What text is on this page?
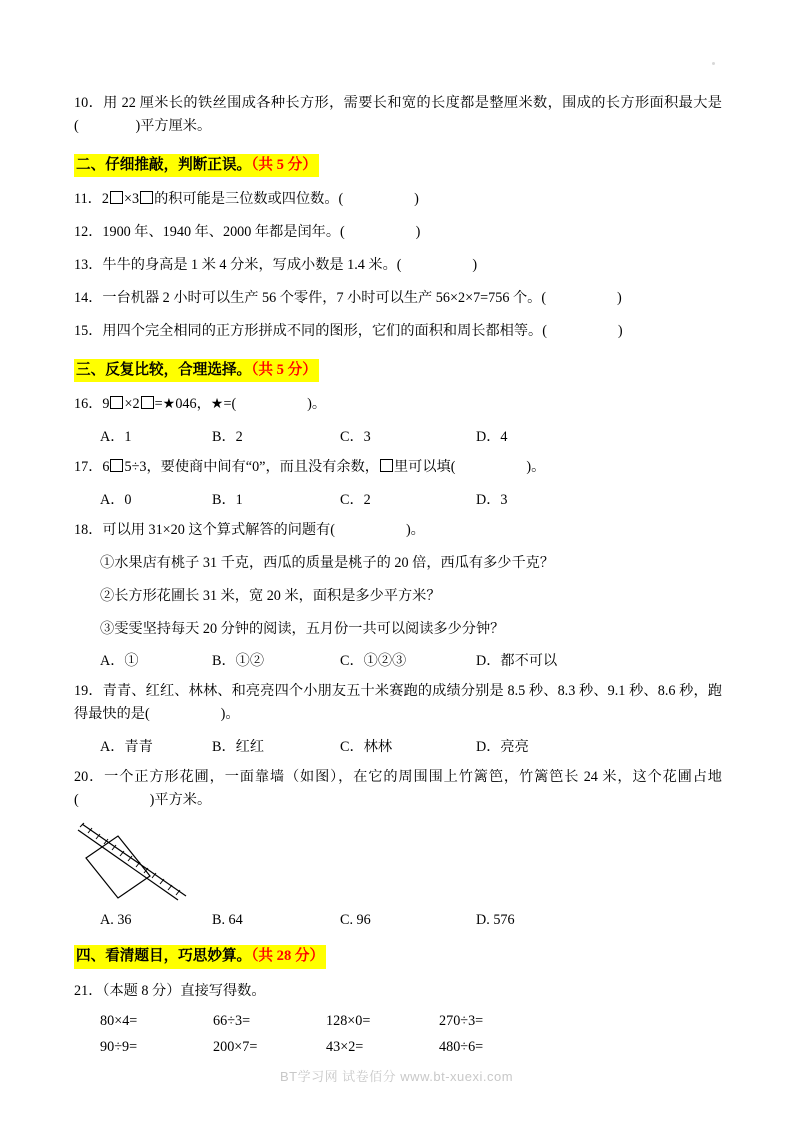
10．用 22 厘米长的铁丝围成各种长方形，需要长和宽的长度都是整厘米数，围成的长方形面积最大是(　　　　)平方厘米。

二、仔细推敲，判断正误。（共 5 分）

11．2 ×3 的积可能是三位数或四位数。(　　　　　)

12．1900 年、1940 年、2000 年都是闰年。(　　　　　)

13．牛牛的身高是 1 米 4 分米，写成小数是 1.4 米。(　　　　　)

14．一台机器 2 小时可以生产 56 个零件，7 小时可以生产 56×2×7=756 个。(　　　　　)

15．用四个完全相同的正方形拼成不同的图形，它们的面积和周长都相等。(　　　　　)

三、反复比较，合理选择。（共 5 分）

16．9 ×2 =★046，★=(　　　　　)。

A．1	B．2	C．3	D．4

17．6 5÷3，要使商中间有“0”，而且没有余数， 里可以填(　　　　　)。

A．0	B．1	C．2	D．3

18．可以用 31×20 这个算式解答的问题有(　　　　　)。

①水果店有桃子 31 千克，西瓜的质量是桃子的 20 倍，西瓜有多少千克？

②长方形花圃长 31 米，宽 20 米，面积是多少平方米？

③雯雯坚持每天 20 分钟的阅读，五月份一共可以阅读多少分钟？

A．①	B．①②	C．①②③	D．都不可以

19．青青、红红、林林、和亮亮四个小朋友五十米赛跑的成绩分别是 8.5 秒、8.3 秒、9.1 秒、8.6 秒，跑得最快的是(　　　　　)。

A．青青	B．红红	C．林林	D．亮亮

20．一个正方形花圃，一面靠墙（如图），在它的周围围上竹篱笆，竹篱笆长 24 米，这个花圃占地(　　　　　)平方米。

A. 36	B. 64	C. 96	D. 576
四、看清题目，巧思妙算。（共 28 分）

21．（本题 8 分）直接写得数。

80×4=	66÷3=	128×0=	270÷3=
90÷9=	200×7=	43×2=	480÷6=
BT学习网 试卷佰分 www.bt-xuexi.com
